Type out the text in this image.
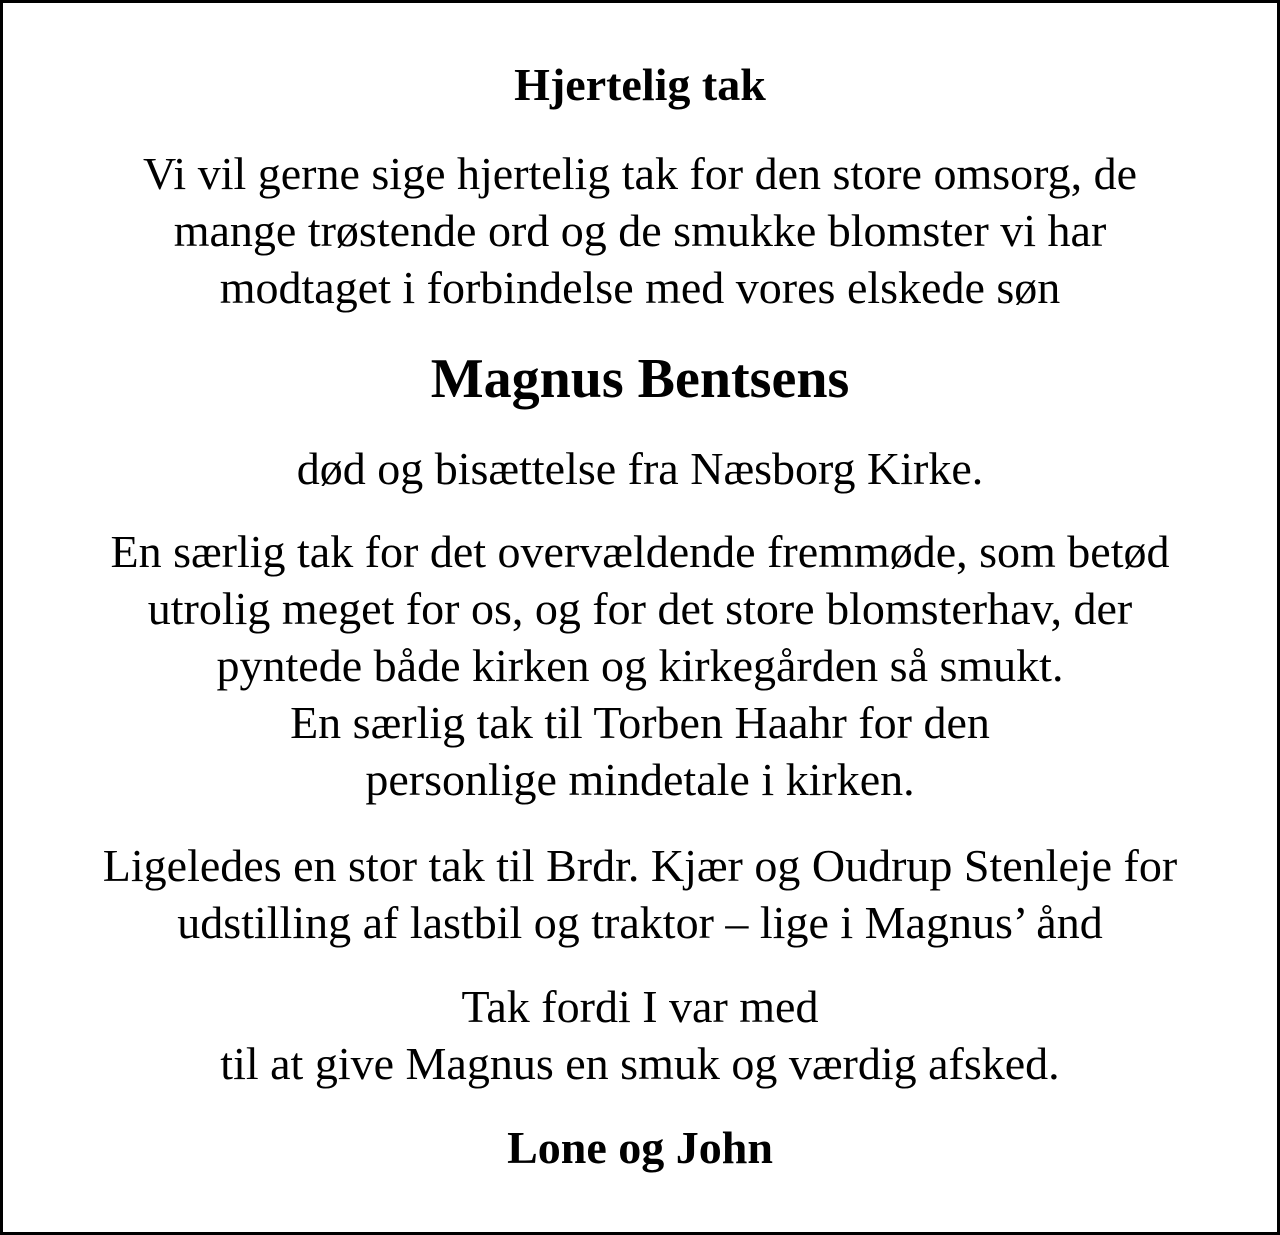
Hjertelig tak
Vi vil gerne sige hjertelig tak for den store omsorg, de
mange trøstende ord og de smukke blomster vi har
modtaget i forbindelse med vores elskede søn
Magnus Bentsens
død og bisættelse fra Næsborg Kirke.
En særlig tak for det overvældende fremmøde, som betød
utrolig meget for os, og for det store blomsterhav, der
pyntede både kirken og kirkegården så smukt.
En særlig tak til Torben Haahr for den
personlige mindetale i kirken.
Ligeledes en stor tak til Brdr. Kjær og Oudrup Stenleje for
udstilling af lastbil og traktor – lige i Magnus’ ånd
Tak fordi I var med
til at give Magnus en smuk og værdig afsked.
Lone og John
